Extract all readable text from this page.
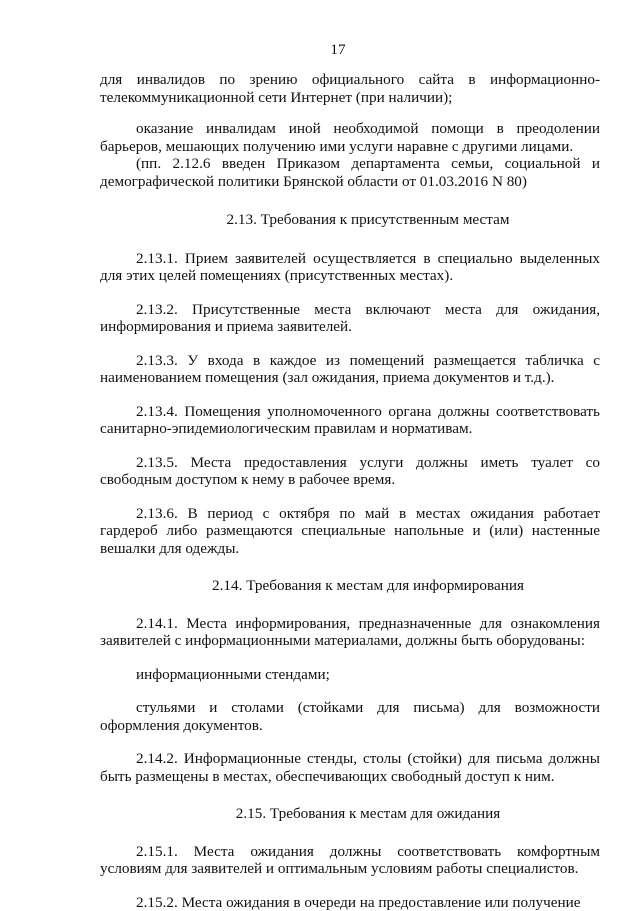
17

для инвалидов по зрению официального сайта в информационно-телекоммуникационной сети Интернет (при наличии);

оказание инвалидам иной необходимой помощи в преодолении барьеров, мешающих получению ими услуги наравне с другими лицами.

(пп. 2.12.6 введен Приказом департамента семьи, социальной и демографической политики Брянской области от 01.03.2016 N 80)

2.13. Требования к присутственным местам

2.13.1. Прием заявителей осуществляется в специально выделенных для этих целей помещениях (присутственных местах).

2.13.2. Присутственные места включают места для ожидания, информирования и приема заявителей.

2.13.3. У входа в каждое из помещений размещается табличка с наименованием помещения (зал ожидания, приема документов и т.д.).

2.13.4. Помещения уполномоченного органа должны соответствовать санитарно-эпидемиологическим правилам и нормативам.

2.13.5. Места предоставления услуги должны иметь туалет со свободным доступом к нему в рабочее время.

2.13.6. В период с октября по май в местах ожидания работает гардероб либо размещаются специальные напольные и (или) настенные вешалки для одежды.

2.14. Требования к местам для информирования

2.14.1. Места информирования, предназначенные для ознакомления заявителей с информационными материалами, должны быть оборудованы:

информационными стендами;

стульями и столами (стойками для письма) для возможности оформления документов.

2.14.2. Информационные стенды, столы (стойки) для письма должны быть размещены в местах, обеспечивающих свободный доступ к ним.

2.15. Требования к местам для ожидания

2.15.1. Места ожидания должны соответствовать комфортным условиям для заявителей и оптимальным условиям работы специалистов.

2.15.2. Места ожидания в очереди на предоставление или получение
